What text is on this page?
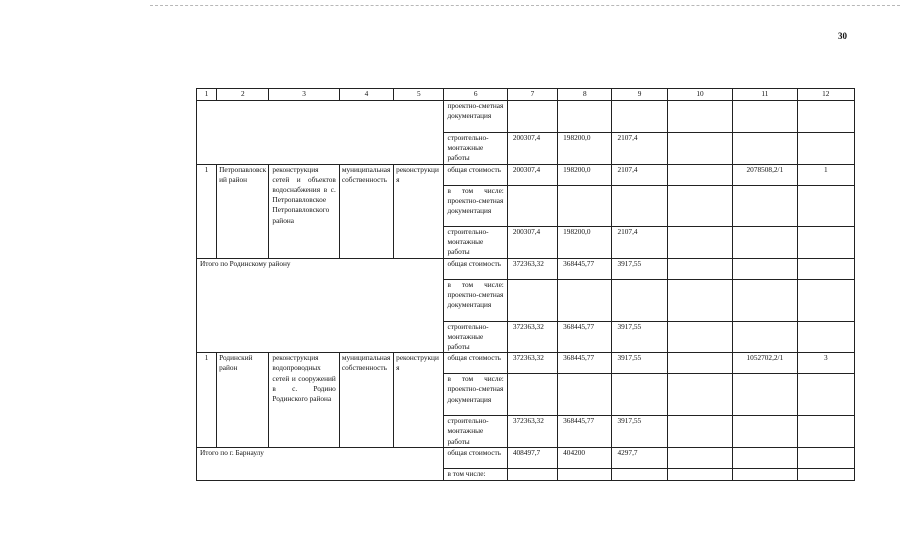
30
1	2	3	4	5	6	7	8	9	10	11	12
					проектно-сметная документация						
					строительно-монтажные работы	200307,4	198200,0	2107,4			
1	Петропавловский район	реконструкция сетей и объектов водоснабжения в с. Петропавловское Петропавловского района	муниципальная собственность	реконструкция	общая стоимость	200307,4	198200,0	2107,4		2078508,2/1	1
					в том числе: проектно-сметная документация						
					строительно-монтажные работы	200307,4	198200,0	2107,4			
Итого по Родинскому району					общая стоимость	372363,32	368445,77	3917,55			
					в том числе: проектно-сметная документация						
					строительно-монтажные работы	372363,32	368445,77	3917,55			
1	Родинский район	реконструкция водопроводных сетей и сооружений в с. Родино Родинского района	муниципальная собственность	реконструкция	общая стоимость	372363,32	368445,77	3917,55		1052702,2/1	3
					в том числе: проектно-сметная документация						
					строительно-монтажные работы	372363,32	368445,77	3917,55			
Итого по г. Барнаулу					общая стоимость	408497,7	404200	4297,7			
					в том числе:						
